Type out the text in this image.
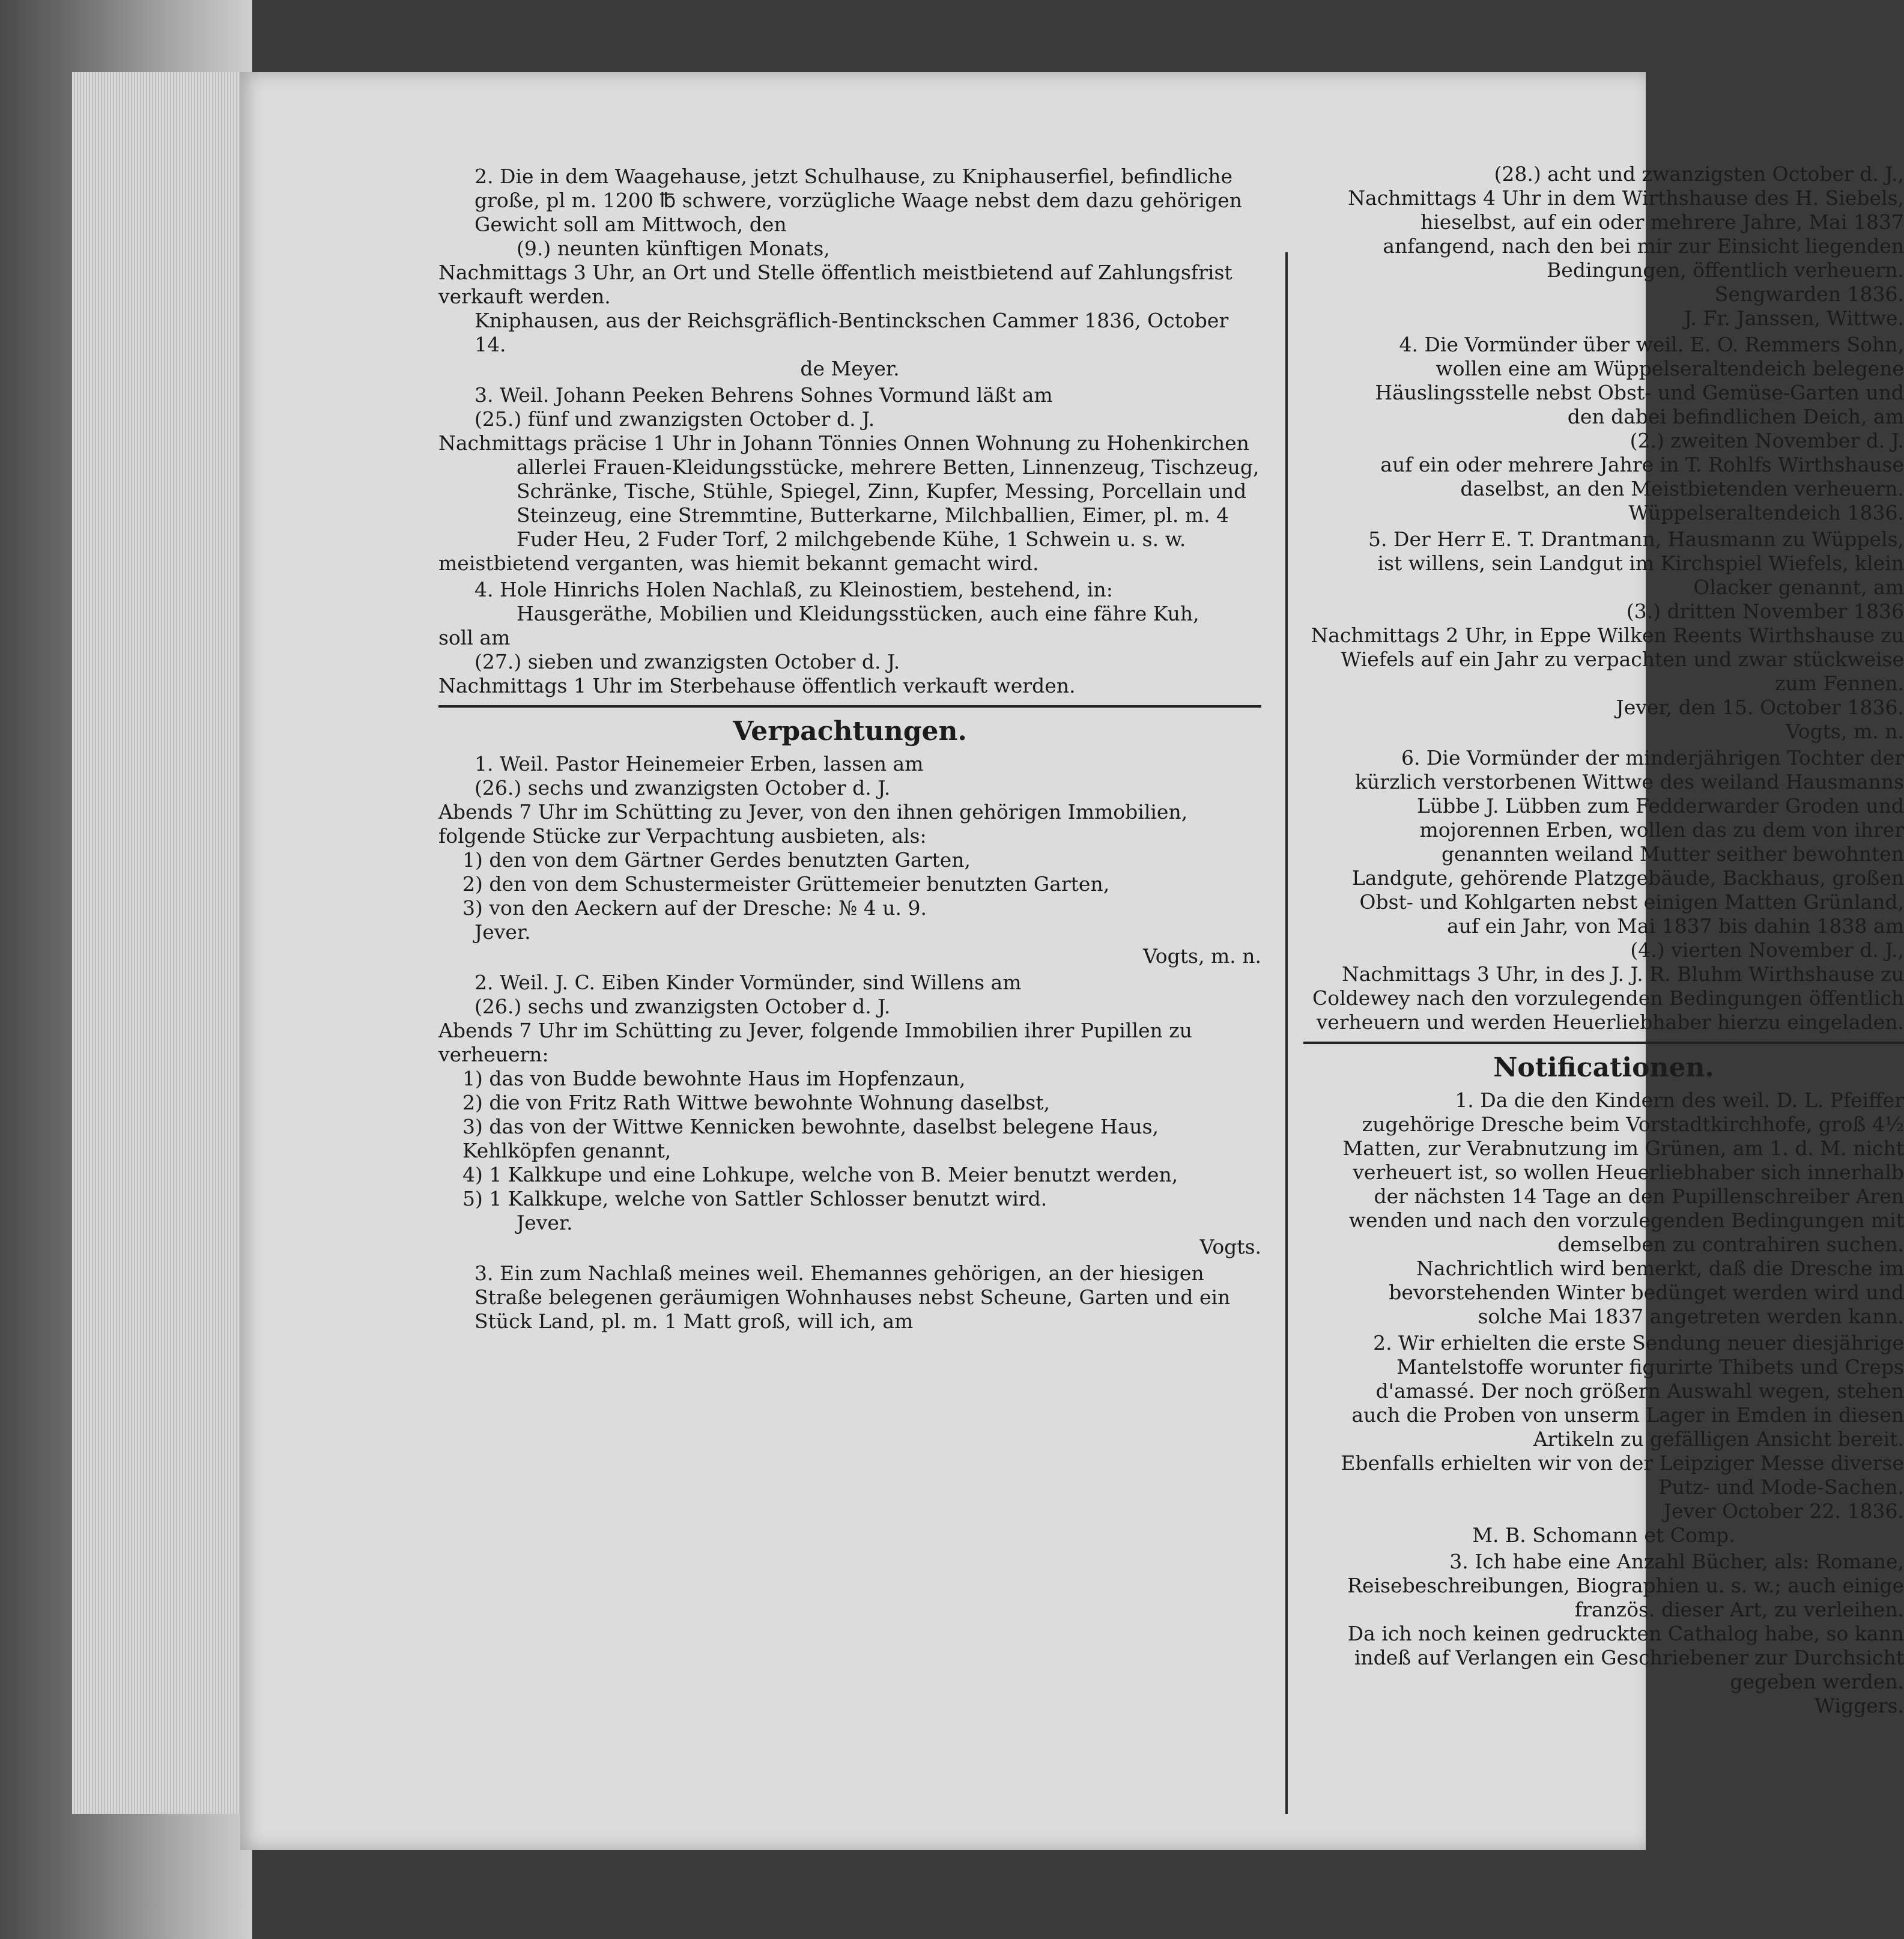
2. Die in dem Waagehause, jetzt Schulhause, zu Kniphauserfiel, befindliche große, pl m. 1200 ℔ schwere, vorzügliche Waage nebst dem dazu gehörigen Gewicht soll am Mittwoch, den

(9.) neunten künftigen Monats,

Nachmittags 3 Uhr, an Ort und Stelle öffentlich meistbietend auf Zahlungsfrist verkauft werden.

Kniphausen, aus der Reichsgräflich-Bentinckschen Cammer 1836, October 14.

de Meyer.

3. Weil. Johann Peeken Behrens Sohnes Vormund läßt am

(25.) fünf und zwanzigsten October d. J.

Nachmittags präcise 1 Uhr in Johann Tönnies Onnen Wohnung zu Hohenkirchen

allerlei Frauen-Kleidungsstücke, mehrere Betten, Linnenzeug, Tischzeug, Schränke, Tische, Stühle, Spiegel, Zinn, Kupfer, Messing, Porcellain und Steinzeug, eine Stremmtine, Butterkarne, Milchballien, Eimer, pl. m. 4 Fuder Heu, 2 Fuder Torf, 2 milchgebende Kühe, 1 Schwein u. s. w.

meistbietend verganten, was hiemit bekannt gemacht wird.

4. Hole Hinrichs Holen Nachlaß, zu Kleinostiem, bestehend, in:

Hausgeräthe, Mobilien und Kleidungsstücken, auch eine fähre Kuh,

soll am

(27.) sieben und zwanzigsten October d. J.

Nachmittags 1 Uhr im Sterbehause öffentlich verkauft werden.

Verpachtungen.

1. Weil. Pastor Heinemeier Erben, lassen am

(26.) sechs und zwanzigsten October d. J.

Abends 7 Uhr im Schütting zu Jever, von den ihnen gehörigen Immobilien, folgende Stücke zur Verpachtung ausbieten, als:

1) den von dem Gärtner Gerdes benutzten Garten,

2) den von dem Schustermeister Grüttemeier benutzten Garten,

3) von den Aeckern auf der Dresche: № 4 u. 9.

Jever.

Vogts, m. n.

2. Weil. J. C. Eiben Kinder Vormünder, sind Willens am

(26.) sechs und zwanzigsten October d. J.

Abends 7 Uhr im Schütting zu Jever, folgende Immobilien ihrer Pupillen zu verheuern:

1) das von Budde bewohnte Haus im Hopfenzaun,

2) die von Fritz Rath Wittwe bewohnte Wohnung daselbst,

3) das von der Wittwe Kennicken bewohnte, daselbst belegene Haus, Kehlköpfen genannt,

4) 1 Kalkkupe und eine Lohkupe, welche von B. Meier benutzt werden,

5) 1 Kalkkupe, welche von Sattler Schlosser benutzt wird.

Jever.

Vogts.

3. Ein zum Nachlaß meines weil. Ehemannes gehörigen, an der hiesigen Straße belegenen geräumigen Wohnhauses nebst Scheune, Garten und ein Stück Land, pl. m. 1 Matt groß, will ich, am

(28.) acht und zwanzigsten October d. J.,

Nachmittags 4 Uhr in dem Wirthshause des H. Siebels, hieselbst, auf ein oder mehrere Jahre, Mai 1837 anfangend, nach den bei mir zur Einsicht liegenden Bedingungen, öffentlich verheuern.

Sengwarden 1836.

J. Fr. Janssen, Wittwe.

4. Die Vormünder über weil. E. O. Remmers Sohn, wollen eine am Wüppelseraltendeich belegene Häuslingsstelle nebst Obst- und Gemüse-Garten und den dabei befindlichen Deich, am

(2.) zweiten November d. J.

auf ein oder mehrere Jahre in T. Rohlfs Wirthshause daselbst, an den Meistbietenden verheuern.

Wüppelseraltendeich 1836.

5. Der Herr E. T. Drantmann, Hausmann zu Wüppels, ist willens, sein Landgut im Kirchspiel Wiefels, klein Olacker genannt, am

(3.) dritten November 1836

Nachmittags 2 Uhr, in Eppe Wilken Reents Wirthshause zu Wiefels auf ein Jahr zu verpachten und zwar stückweise zum Fennen.

Jever, den 15. October 1836.

Vogts, m. n.

6. Die Vormünder der minderjährigen Tochter der kürzlich verstorbenen Wittwe des weiland Hausmanns Lübbe J. Lübben zum Fedderwarder Groden und mojorennen Erben, wollen das zu dem von ihrer genannten weiland Mutter seither bewohnten Landgute, gehörende Platzgebäude, Backhaus, großen Obst- und Kohlgarten nebst einigen Matten Grünland, auf ein Jahr, von Mai 1837 bis dahin 1838 am

(4.) vierten November d. J.,

Nachmittags 3 Uhr, in des J. J. R. Bluhm Wirthshause zu Coldewey nach den vorzulegenden Bedingungen öffentlich verheuern und werden Heuerliebhaber hierzu eingeladen.

Notificationen.

1. Da die den Kindern des weil. D. L. Pfeiffer zugehörige Dresche beim Vorstadtkirchhofe, groß 4½ Matten, zur Verabnutzung im Grünen, am 1. d. M. nicht verheuert ist, so wollen Heuerliebhaber sich innerhalb der nächsten 14 Tage an den Pupillenschreiber Aren wenden und nach den vorzulegenden Bedingungen mit demselben zu contrahiren suchen.

Nachrichtlich wird bemerkt, daß die Dresche im bevorstehenden Winter bedünget werden wird und solche Mai 1837 angetreten werden kann.

2. Wir erhielten die erste Sendung neuer diesjährige Mantelstoffe worunter figurirte Thibets und Creps d'amassé. Der noch größern Auswahl wegen, stehen auch die Proben von unserm Lager in Emden in diesen Artikeln zu gefälligen Ansicht bereit.

Ebenfalls erhielten wir von der Leipziger Messe diverse Putz- und Mode-Sachen.

Jever October 22. 1836.

M. B. Schomann et Comp.

3. Ich habe eine Anzahl Bücher, als: Romane, Reisebeschreibungen, Biographien u. s. w.; auch einige französ. dieser Art, zu verleihen.

Da ich noch keinen gedruckten Cathalog habe, so kann indeß auf Verlangen ein Geschriebener zur Durchsicht gegeben werden.

Wiggers.
